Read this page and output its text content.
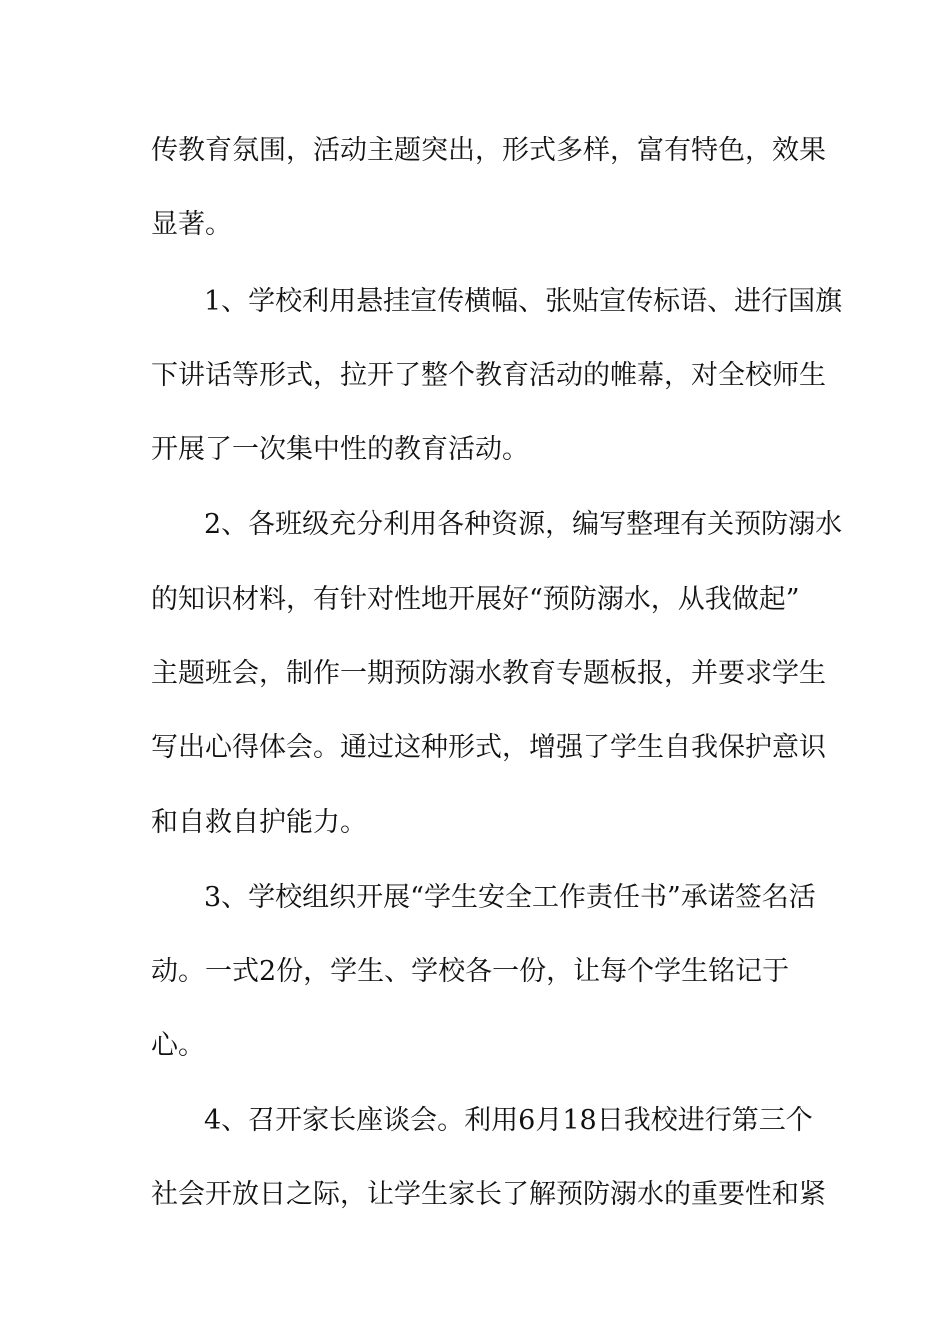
传教育氛围，活动主题突出，形式多样，富有特色，效果
显著。
1、学校利用悬挂宣传横幅、张贴宣传标语、进行国旗
下讲话等形式，拉开了整个教育活动的帷幕，对全校师生
开展了一次集中性的教育活动。
2、各班级充分利用各种资源，编写整理有关预防溺水
的知识材料，有针对性地开展好“预防溺水，从我做起”
主题班会，制作一期预防溺水教育专题板报，并要求学生
写出心得体会。通过这种形式，增强了学生自我保护意识
和自救自护能力。
3、学校组织开展“学生安全工作责任书”承诺签名活
动。一式2份，学生、学校各一份，让每个学生铭记于
心。
4、召开家长座谈会。利用6月18日我校进行第三个
社会开放日之际，让学生家长了解预防溺水的重要性和紧
